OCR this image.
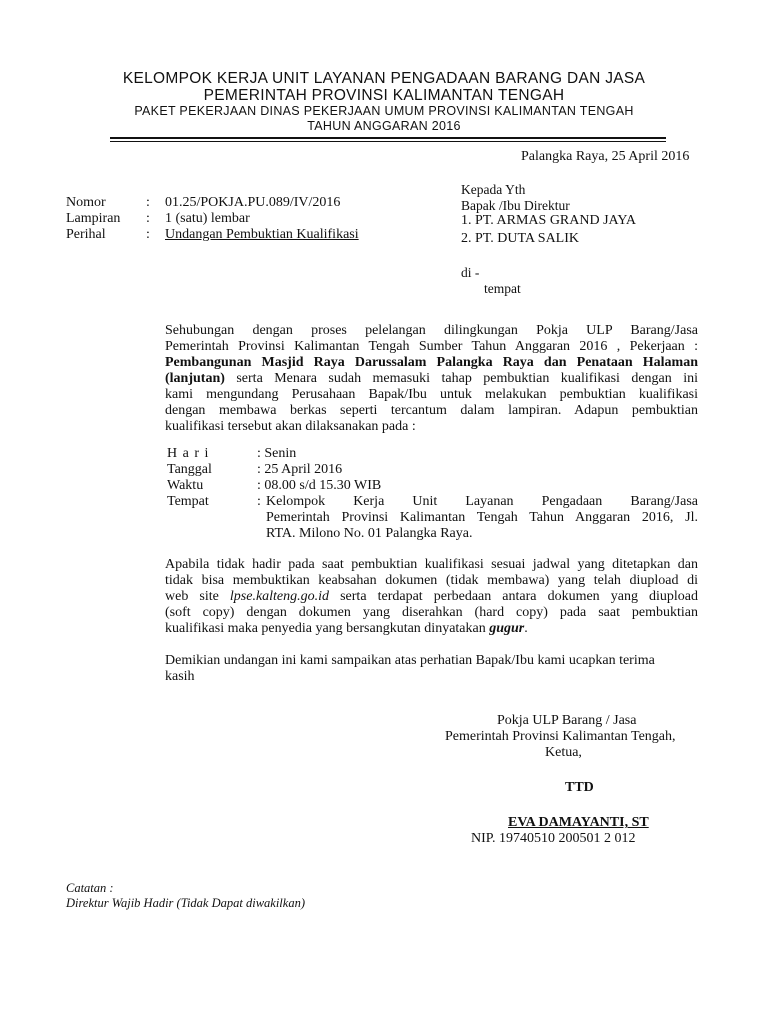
KELOMPOK KERJA UNIT LAYANAN PENGADAAN BARANG DAN JASA
PEMERINTAH PROVINSI KALIMANTAN TENGAH
PAKET PEKERJAAN DINAS PEKERJAAN UMUM PROVINSI KALIMANTAN TENGAH
TAHUN ANGGARAN 2016
Palangka Raya, 25 April 2016
Nomor	: 01.25/POKJA.PU.089/IV/2016
Lampiran : 1 (satu) lembar
Perihal	: Undangan Pembuktian Kualifikasi
Kepada Yth
Bapak /Ibu Direktur
1. PT. ARMAS GRAND JAYA
2. PT. DUTA SALIK
di -
tempat
Sehubungan dengan proses pelelangan dilingkungan Pokja ULP Barang/Jasa
Pemerintah Provinsi Kalimantan Tengah Sumber Tahun Anggaran 2016 , Pekerjaan :
Pembangunan Masjid Raya Darussalam Palangka Raya dan Penataan Halaman
(lanjutan) serta Menara sudah memasuki tahap pembuktian kualifikasi dengan ini
kami mengundang Perusahaan Bapak/Ibu untuk melakukan pembuktian kualifikasi
dengan membawa berkas seperti tercantum dalam lampiran. Adapun pembuktian
kualifikasi tersebut akan dilaksanakan pada :
H a r i	: Senin
Tanggal	: 25 April 2016
Waktu	: 08.00 s/d 15.30 WIB
Tempat	: Kelompok Kerja Unit Layanan Pengadaan Barang/Jasa
Pemerintah Provinsi Kalimantan Tengah Tahun Anggaran 2016, Jl.
RTA. Milono No. 01 Palangka Raya.
Apabila tidak hadir pada saat pembuktian kualifikasi sesuai jadwal yang ditetapkan dan
tidak bisa membuktikan keabsahan dokumen (tidak membawa) yang telah diupload di
web site lpse.kalteng.go.id serta terdapat perbedaan antara dokumen yang diupload
(soft copy) dengan dokumen yang diserahkan (hard copy) pada saat pembuktian
kualifikasi maka penyedia yang bersangkutan dinyatakan gugur.
Demikian undangan ini kami sampaikan atas perhatian Bapak/Ibu kami ucapkan terima
kasih
Pokja ULP Barang / Jasa
Pemerintah Provinsi Kalimantan Tengah,
Ketua,
TTD
EVA DAMAYANTI, ST
NIP. 19740510 200501 2 012
Catatan :
Direktur Wajib Hadir (Tidak Dapat diwakilkan)
